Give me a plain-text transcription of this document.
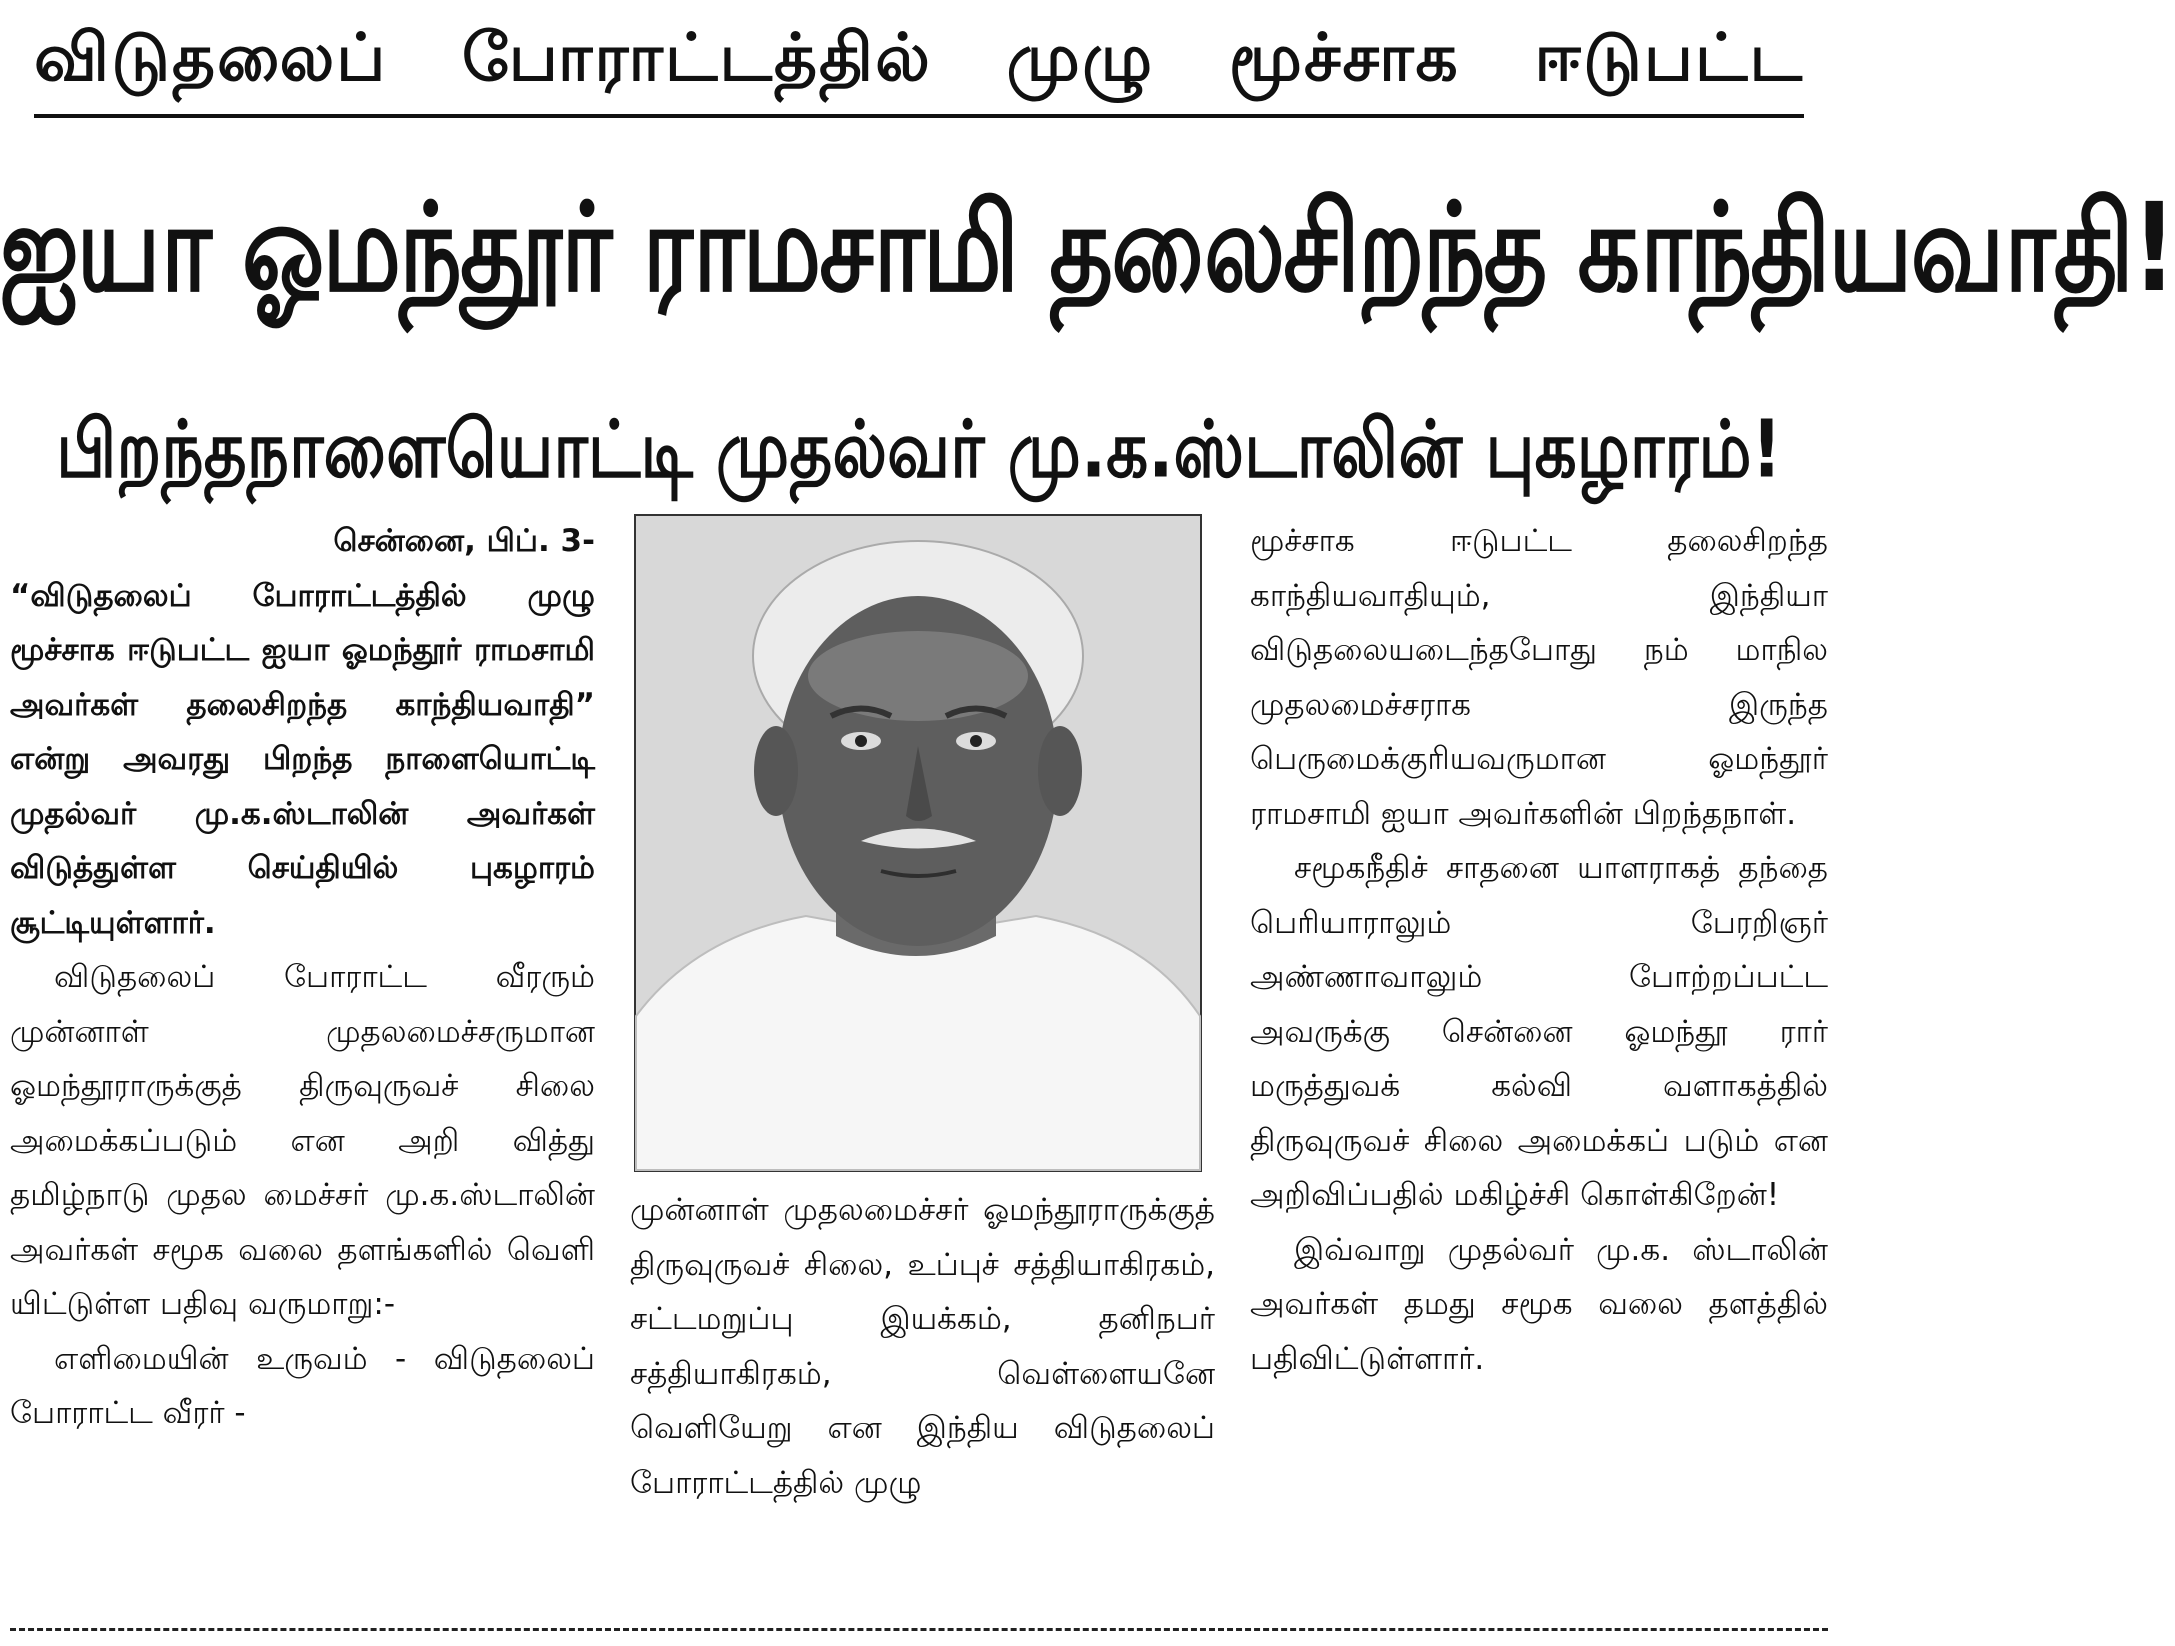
விடுதலைப் போராட்டத்தில் முழு மூச்சாக ஈடுபட்ட
ஐயா ஓமந்தூர் ராமசாமி தலைசிறந்த காந்தியவாதி!
பிறந்தநாளையொட்டி முதல்வர் மு.க.ஸ்டாலின் புகழாரம்!

சென்னை, பிப். 3-
“விடுதலைப் போராட்டத்தில் முழு மூச்சாக ஈடுபட்ட ஐயா ஓமந்தூர் ராமசாமி அவர்கள் தலைசிறந்த காந்தியவாதி” என்று அவரது பிறந்த நாளையொட்டி முதல்வர் மு.க.ஸ்டாலின் அவர்கள் விடுத்துள்ள செய்தியில் புகழாரம் சூட்டியுள்ளார்.

விடுதலைப் போராட்ட வீரரும் முன்னாள் முதலமைச்சருமான ஓமந்தூராருக்குத் திருவுருவச் சிலை அமைக்கப்படும் என அறி வித்து தமிழ்நாடு முதல மைச்சர் மு.க.ஸ்டாலின் அவர்கள் சமூக வலை தளங்களில் வெளி யிட்டுள்ள பதிவு வருமாறு:-

எளிமையின் உருவம் - விடுதலைப் போராட்ட வீரர் -

முன்னாள் முதலமைச்சர் ஓமந்தூராருக்குத் திருவுருவச் சிலை, உப்புச் சத்தியாகிரகம், சட்டமறுப்பு இயக்கம், தனிநபர் சத்தியாகிரகம், வெள்ளையனே வெளியேறு என இந்திய விடுதலைப் போராட்டத்தில் முழு

மூச்சாக ஈடுபட்ட தலைசிறந்த காந்தியவாதியும், இந்தியா விடுதலையடைந்தபோது நம் மாநில முதலமைச்சராக இருந்த பெருமைக்குரியவருமான ஓமந்தூர் ராமசாமி ஐயா அவர்களின் பிறந்தநாள்.

சமூகநீதிச் சாதனை யாளராகத் தந்தை பெரியாராலும் பேரறிஞர் அண்ணாவாலும் போற்றப்பட்ட அவருக்கு சென்னை ஓமந்தூ ரார் மருத்துவக் கல்வி வளாகத்தில் திருவுருவச் சிலை அமைக்கப் படும் என அறிவிப்பதில் மகிழ்ச்சி கொள்கிறேன்!

இவ்வாறு முதல்வர் மு.க. ஸ்டாலின் அவர்கள் தமது சமூக வலை தளத்தில் பதிவிட்டுள்ளார்.
